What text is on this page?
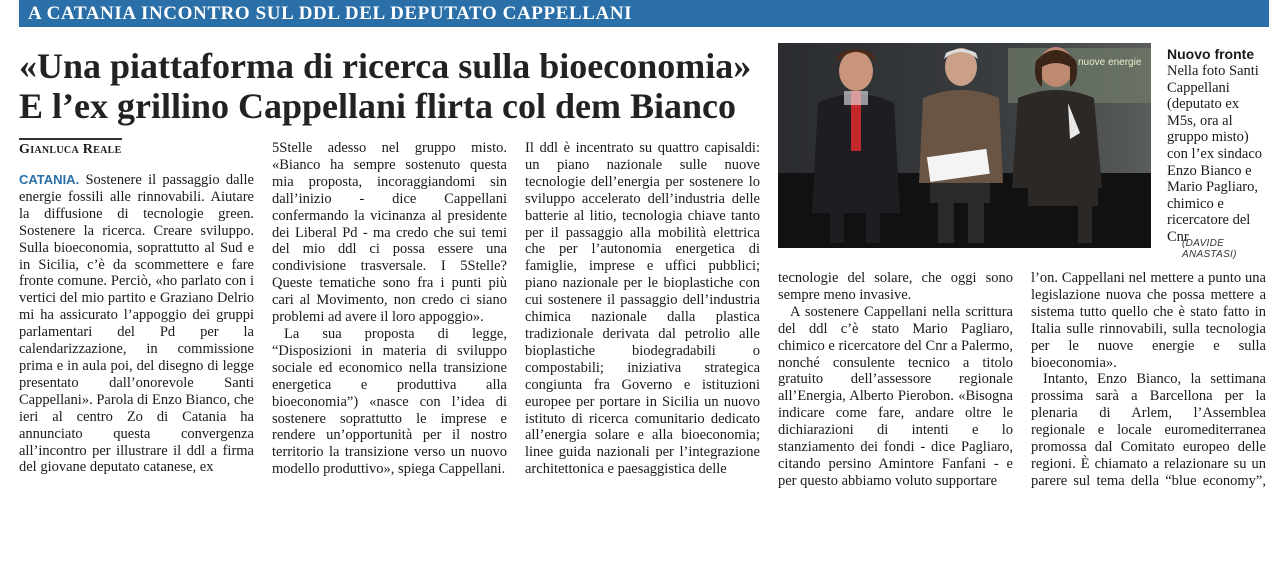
A CATANIA INCONTRO SUL DDL DEL DEPUTATO CAPPELLANI
«Una piattaforma di ricerca sulla bioeconomia»
E l’ex grillino Cappellani flirta col dem Bianco
Gianluca Reale

CATANIA. Sostenere il passaggio dalle energie fossili alle rinnovabili. Aiutare la diffusione di tecnologie green. Sostenere la ricerca. Creare sviluppo. Sulla bioeconomia, soprattutto al Sud e in Sicilia, c’è da scommettere e fare fronte comune. Perciò, «ho parlato con i vertici del mio partito e Graziano Delrio mi ha assicurato l’appoggio dei gruppi parlamentari del Pd per la calendarizzazione, in commissione prima e in aula poi, del disegno di legge presentato dall’onorevole Santi Cappellani». Parola di Enzo Bianco, che ieri al centro Zo di Catania ha annunciato questa convergenza all’incontro per illustrare il ddl a firma del giovane deputato catanese, ex

5Stelle adesso nel gruppo misto. «Bianco ha sempre sostenuto questa mia proposta, incoraggiandomi sin dall’inizio - dice Cappellani confermando la vicinanza al presidente dei Liberal Pd - ma credo che sui temi del mio ddl ci possa essere una condivisione trasversale. I 5Stelle? Queste tematiche sono fra i punti più cari al Movimento, non credo ci siano problemi ad avere il loro appoggio».

La sua proposta di legge, “Disposizioni in materia di sviluppo sociale ed economico nella transizione energetica e produttiva alla bioeconomia”) «nasce con l’idea di sostenere soprattutto le imprese e rendere un’opportunità per il nostro territorio la transizione verso un nuovo modello produttivo», spiega Cappellani.

Il ddl è incentrato su quattro capisaldi: un piano nazionale sulle nuove tecnologie dell’energia per sostenere lo sviluppo accelerato dell’industria delle batterie al litio, tecnologia chiave tanto per il passaggio alla mobilità elettrica che per l’autonomia energetica di famiglie, imprese e uffici pubblici; piano nazionale per le bioplastiche con cui sostenere il passaggio dell’industria chimica nazionale dalla plastica tradizionale derivata dal petrolio alle bioplastiche biodegradabili o compostabili; iniziativa strategica congiunta fra Governo e istituzioni europee per portare in Sicilia un nuovo istituto di ricerca comunitario dedicato all’energia solare e alla bioeconomia; linee guida nazionali per l’integrazione architettonica e paesaggistica delle

nuove energie
Nuovo fronte
Nella foto Santi Cappellani (deputato ex M5s, ora al gruppo misto) con l’ex sindaco Enzo Bianco e Mario Pagliaro, chimico e ricercatore del Cnr
(DAVIDE ANASTASI)

tecnologie del solare, che oggi sono sempre meno invasive.

A sostenere Cappellani nella scrittura del ddl c’è stato Mario Pagliaro, chimico e ricercatore del Cnr a Palermo, nonché consulente tecnico a titolo gratuito dell’assessore regionale all’Energia, Alberto Pierobon. «Bisogna indicare come fare, andare oltre le dichiarazioni di intenti e lo stanziamento dei fondi - dice Pagliaro, citando persino Amintore Fanfani - e per questo abbiamo voluto supportare

l’on. Cappellani nel mettere a punto una legislazione nuova che possa mettere a sistema tutto quello che è stato fatto in Italia sulle rinnovabili, sulla tecnologia per le nuove energie e sulla bioeconomia».

Intanto, Enzo Bianco, la settimana prossima sarà a Barcellona per la plenaria di Arlem, l’Assemblea regionale e locale euromediterranea promossa dal Comitato europeo delle regioni. È chiamato a relazionare su un parere sul tema della “blue economy”,
